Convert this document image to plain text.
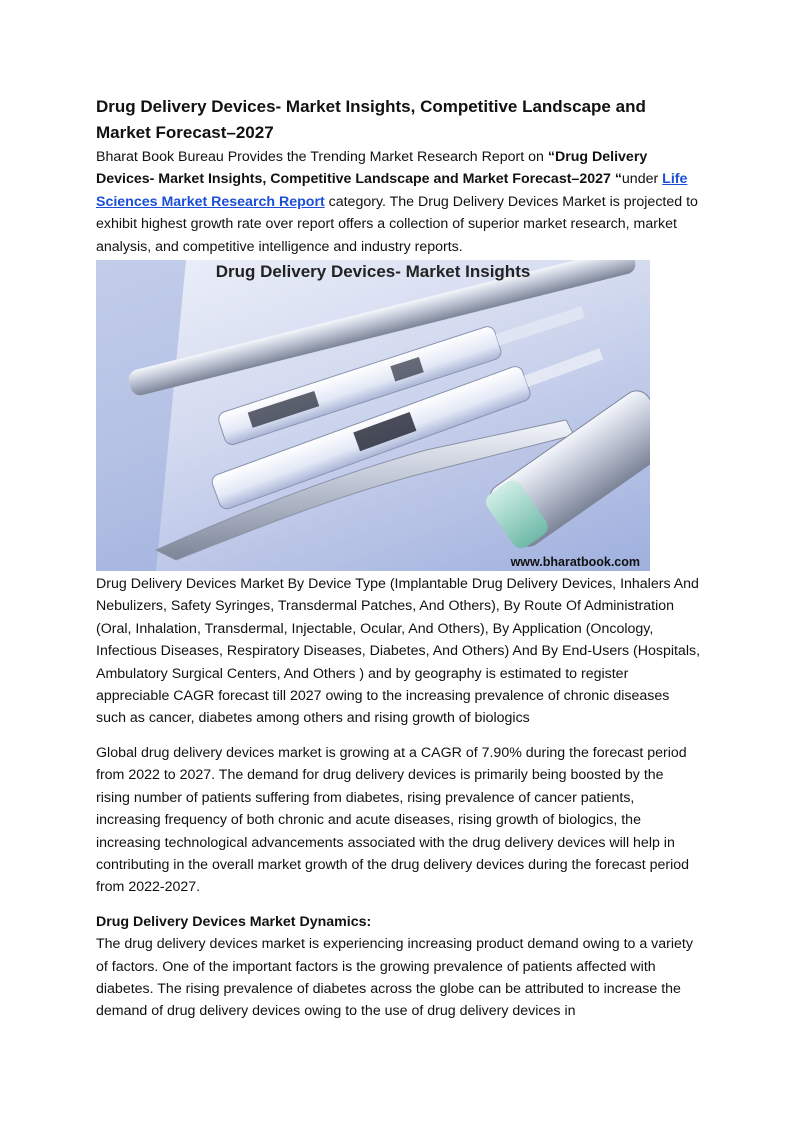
Drug Delivery Devices- Market Insights, Competitive Landscape and Market Forecast–2027

Bharat Book Bureau Provides the Trending Market Research Report on “Drug Delivery Devices- Market Insights, Competitive Landscape and Market Forecast–2027 “under Life Sciences Market Research Report category. The Drug Delivery Devices Market is projected to exhibit highest growth rate over report offers a collection of superior market research, market analysis, and competitive intelligence and industry reports.

Drug Delivery Devices- Market Insights
www.bharatbook.com

Drug Delivery Devices Market By Device Type (Implantable Drug Delivery Devices, Inhalers And Nebulizers, Safety Syringes, Transdermal Patches, And Others), By Route Of Administration (Oral, Inhalation, Transdermal, Injectable, Ocular, And Others), By Application (Oncology, Infectious Diseases, Respiratory Diseases, Diabetes, And Others) And By End-Users (Hospitals, Ambulatory Surgical Centers, And Others ) and by geography is estimated to register appreciable CAGR forecast till 2027 owing to the increasing prevalence of chronic diseases such as cancer, diabetes among others and rising growth of biologics

Global drug delivery devices market is growing at a CAGR of 7.90% during the forecast period from 2022 to 2027. The demand for drug delivery devices is primarily being boosted by the rising number of patients suffering from diabetes, rising prevalence of cancer patients, increasing frequency of both chronic and acute diseases, rising growth of biologics, the increasing technological advancements associated with the drug delivery devices will help in contributing in the overall market growth of the drug delivery devices during the forecast period from 2022-2027.

Drug Delivery Devices Market Dynamics:

The drug delivery devices market is experiencing increasing product demand owing to a variety of factors. One of the important factors is the growing prevalence of patients affected with diabetes. The rising prevalence of diabetes across the globe can be attributed to increase the demand of drug delivery devices owing to the use of drug delivery devices in
